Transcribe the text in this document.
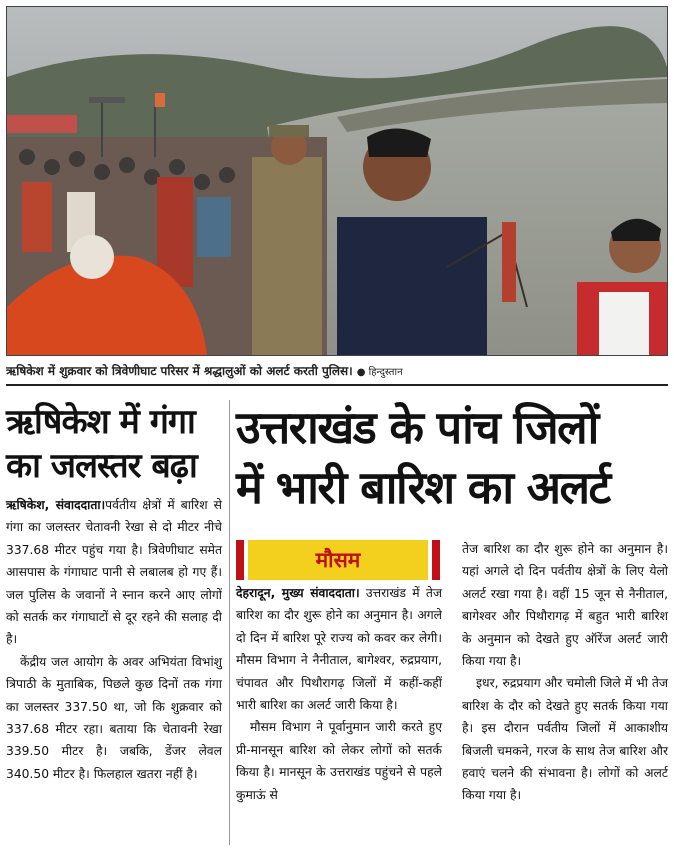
ऋषिकेश में शुक्रवार को त्रिवेणीघाट परिसर में श्रद्धालुओं को अलर्ट करती पुलिस। ● हिन्दुस्तान
ऋषिकेश में गंगा
का जलस्तर बढ़ा
उत्तराखंड के पांच जिलों
में भारी बारिश का अलर्ट

ऋषिकेश, संवाददाता।पर्वतीय क्षेत्रों में बारिश से गंगा का जलस्तर चेतावनी रेखा से दो मीटर नीचे 337.68 मीटर पहुंच गया है। त्रिवेणीघाट समेत आसपास के गंगाघाट पानी से लबालब हो गए हैं। जल पुलिस के जवानों ने स्नान करने आए लोगों को सतर्क कर गंगाघाटों से दूर रहने की सलाह दी है।

केंद्रीय जल आयोग के अवर अभियंता विभांशु त्रिपाठी के मुताबिक, पिछले कुछ दिनों तक गंगा का जलस्तर 337.50 था, जो कि शुक्रवार को 337.68 मीटर रहा। बताया कि चेतावनी रेखा 339.50 मीटर है। जबकि, डेंजर लेवल 340.50 मीटर है। फिलहाल खतरा नहीं है।

मौसम

देहरादून, मुख्य संवाददाता। उत्तराखंड में तेज बारिश का दौर शुरू होने का अनुमान है। अगले दो दिन में बारिश पूरे राज्य को कवर कर लेगी। मौसम विभाग ने नैनीताल, बागेश्वर, रुद्रप्रयाग, चंपावत और पिथौरागढ़ जिलों में कहीं-कहीं भारी बारिश का अलर्ट जारी किया है।

मौसम विभाग ने पूर्वानुमान जारी करते हुए प्री-मानसून बारिश को लेकर लोगों को सतर्क किया है। मानसून के उत्तराखंड पहुंचने से पहले कुमाऊं से

तेज बारिश का दौर शुरू होने का अनुमान है। यहां अगले दो दिन पर्वतीय क्षेत्रों के लिए येलो अलर्ट रखा गया है। वहीं 15 जून से नैनीताल, बागेश्वर और पिथौरागढ़ में बहुत भारी बारिश के अनुमान को देखते हुए ऑरेंज अलर्ट जारी किया गया है।

इधर, रुद्रप्रयाग और चमोली जिले में भी तेज बारिश के दौर को देखते हुए सतर्क किया गया है। इस दौरान पर्वतीय जिलों में आकाशीय बिजली चमकने, गरज के साथ तेज बारिश और हवाएं चलने की संभावना है। लोगों को अलर्ट किया गया है।
